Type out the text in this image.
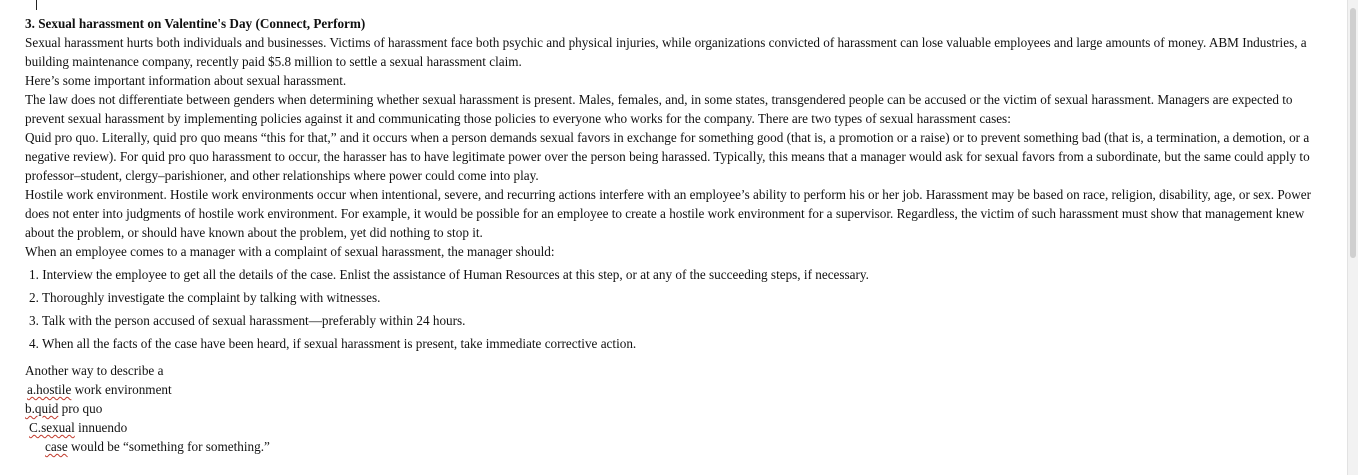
3. Sexual harassment on Valentine's Day (Connect, Perform)

Sexual harassment hurts both individuals and businesses. Victims of harassment face both psychic and physical injuries, while organizations convicted of harassment can lose valuable employees and large amounts of money. ABM Industries, a building maintenance company, recently paid $5.8 million to settle a sexual harassment claim.

Here’s some important information about sexual harassment.

The law does not differentiate between genders when determining whether sexual harassment is present. Males, females, and, in some states, transgendered people can be accused or the victim of sexual harassment. Managers are expected to prevent sexual harassment by implementing policies against it and communicating those policies to everyone who works for the company. There are two types of sexual harassment cases:

Quid pro quo. Literally, quid pro quo means “this for that,” and it occurs when a person demands sexual favors in exchange for something good (that is, a promotion or a raise) or to prevent something bad (that is, a termination, a demotion, or a negative review). For quid pro quo harassment to occur, the harasser has to have legitimate power over the person being harassed. Typically, this means that a manager would ask for sexual favors from a subordinate, but the same could apply to professor–student, clergy–parishioner, and other relationships where power could come into play.

Hostile work environment. Hostile work environments occur when intentional, severe, and recurring actions interfere with an employee’s ability to perform his or her job. Harassment may be based on race, religion, disability, age, or sex. Power does not enter into judgments of hostile work environment. For example, it would be possible for an employee to create a hostile work environment for a supervisor. Regardless, the victim of such harassment must show that management knew about the problem, or should have known about the problem, yet did nothing to stop it.

When an employee comes to a manager with a complaint of sexual harassment, the manager should:

1. Interview the employee to get all the details of the case. Enlist the assistance of Human Resources at this step, or at any of the succeeding steps, if necessary.
2. Thoroughly investigate the complaint by talking with witnesses.
3. Talk with the person accused of sexual harassment—preferably within 24 hours.
4. When all the facts of the case have been heard, if sexual harassment is present, take immediate corrective action.

Another way to describe a

a.hostile work environment

b.quid pro quo

C.sexual innuendo

case would be “something for something.”
